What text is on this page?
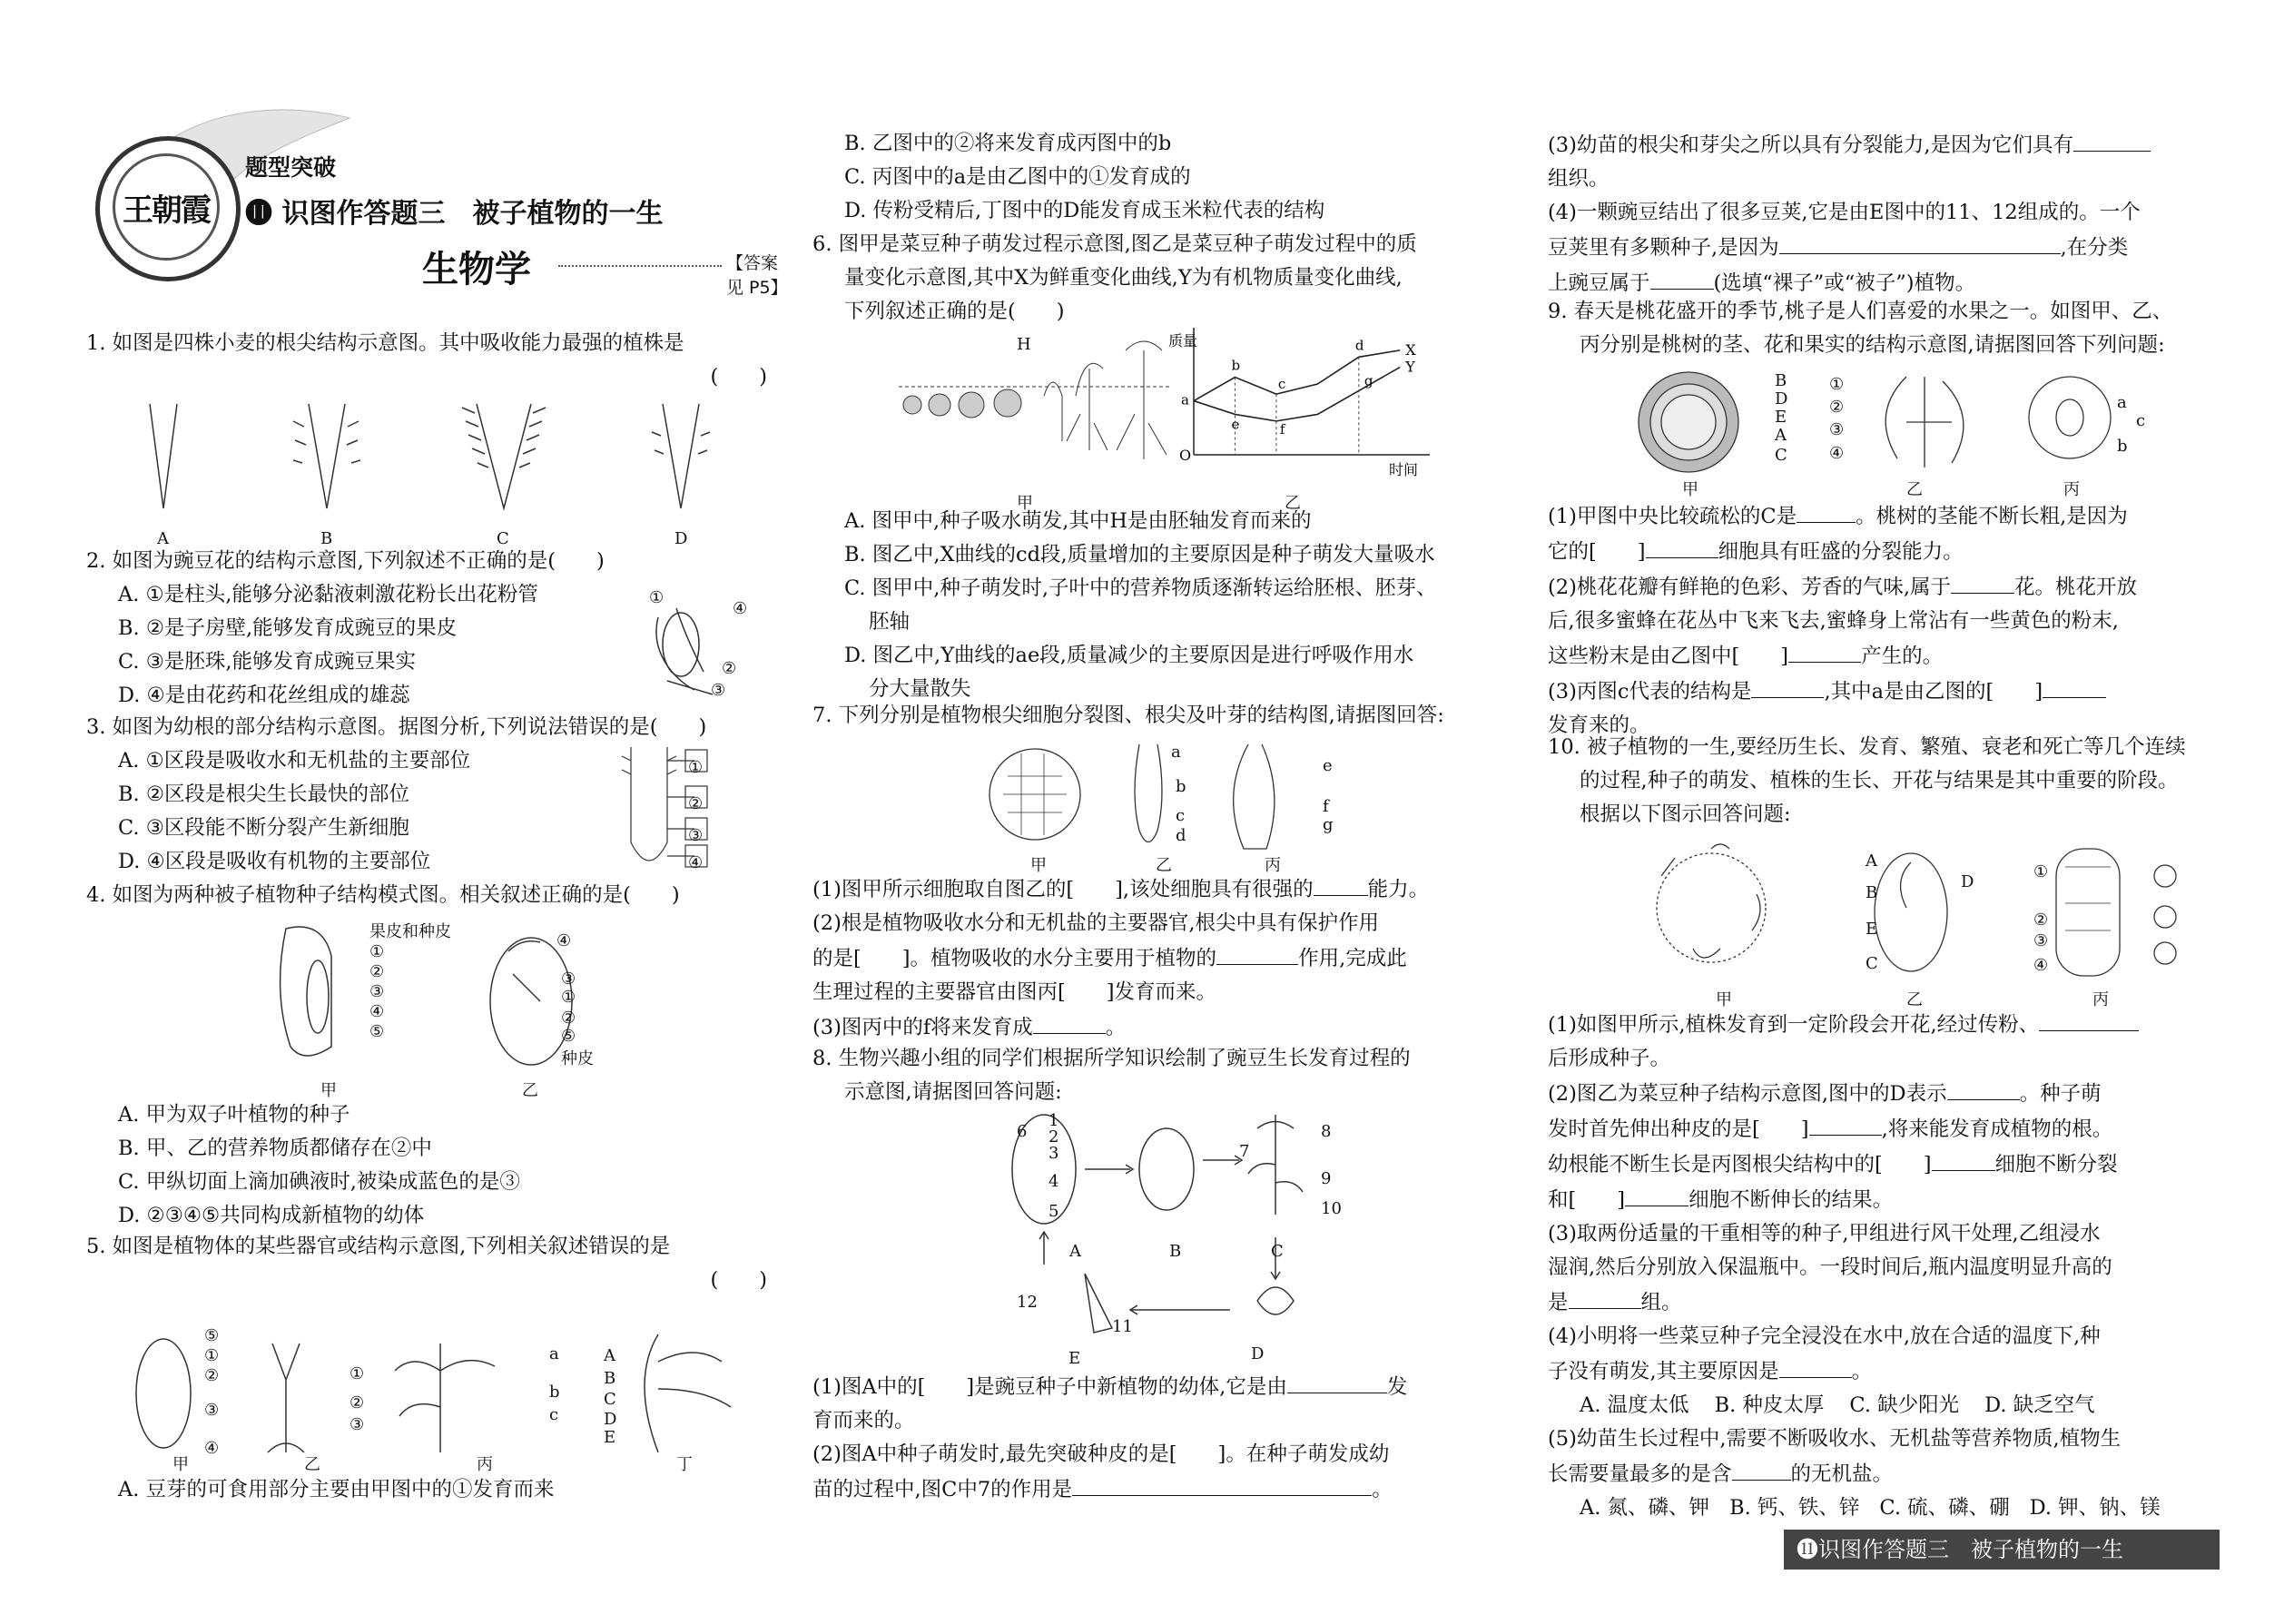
王朝霞
题型突破
⓫ 识图作答题三　被子植物的一生
生物学	【答案见 P5】

1. 如图是四株小麦的根尖结构示意图。其中吸收能力最强的植株是

(　　)

A	B	C	D

2. 如图为豌豆花的结构示意图,下列叙述不正确的是(　　)

A. ①是柱头,能够分泌黏液刺激花粉长出花粉管

B. ②是子房壁,能够发育成豌豆的果皮

C. ③是胚珠,能够发育成豌豆果实

D. ④是由花药和花丝组成的雄蕊

①
④
②
③

3. 如图为幼根的部分结构示意图。据图分析,下列说法错误的是(　　)

A. ①区段是吸收水和无机盐的主要部位

B. ②区段是根尖生长最快的部位

C. ③区段能不断分裂产生新细胞

D. ④区段是吸收有机物的主要部位

①
②
③
④

4. 如图为两种被子植物种子结构模式图。相关叙述正确的是(　　)

果皮和种皮
①
②
③
④
⑤
④
③
①
②
⑤
种皮
甲	乙

A. 甲为双子叶植物的种子

B. 甲、乙的营养物质都储存在②中

C. 甲纵切面上滴加碘液时,被染成蓝色的是③

D. ②③④⑤共同构成新植物的幼体

5. 如图是植物体的某些器官或结构示意图,下列相关叙述错误的是

(　　)

⑤
①
②
③
④
①
②
③
a
b
c
A
B
C
D
E
甲	乙	丙	丁

A. 豆芽的可食用部分主要由甲图中的①发育而来

B. 乙图中的②将来发育成丙图中的b

C. 丙图中的a是由乙图中的①发育成的

D. 传粉受精后,丁图中的D能发育成玉米粒代表的结构

6. 图甲是菜豆种子萌发过程示意图,图乙是菜豆种子萌发过程中的质

量变化示意图,其中X为鲜重变化曲线,Y为有机物质量变化曲线,

下列叙述正确的是(　　)

H	质量
时间
O
X
Y
a
b
c
d
e	f
g
甲	乙

A. 图甲中,种子吸水萌发,其中H是由胚轴发育而来的

B. 图乙中,X曲线的cd段,质量增加的主要原因是种子萌发大量吸水

C. 图甲中,种子萌发时,子叶中的营养物质逐渐转运给胚根、胚芽、

胚轴

D. 图乙中,Y曲线的ae段,质量减少的主要原因是进行呼吸作用水

分大量散失

7. 下列分别是植物根尖细胞分裂图、根尖及叶芽的结构图,请据图回答:

a
b
c
d
e
f
g
甲	乙	丙

(1)图甲所示细胞取自图乙的[　　],该处细胞具有很强的	能力。

(2)根是植物吸收水分和无机盐的主要器官,根尖中具有保护作用

的是[　　]。植物吸收的水分主要用于植物的	作用,完成此

生理过程的主要器官由图丙[　　]发育而来。

(3)图丙中的f将来发育成	。

8. 生物兴趣小组的同学们根据所学知识绘制了豌豆生长发育过程的

示意图,请据图回答问题:

6
1
2
3
4
5
7
8
9
10
11
12
A	B	C
D
E

(1)图A中的[　　]是豌豆种子中新植物的幼体,它是由	发

育而来的。

(2)图A中种子萌发时,最先突破种皮的是[　　]。在种子萌发成幼

苗的过程中,图C中7的作用是	。

(3)幼苗的根尖和芽尖之所以具有分裂能力,是因为它们具有

组织。

(4)一颗豌豆结出了很多豆荚,它是由E图中的11、12组成的。一个

豆荚里有多颗种子,是因为	,在分类

上豌豆属于	(选填“裸子”或“被子”)植物。

9. 春天是桃花盛开的季节,桃子是人们喜爱的水果之一。如图甲、乙、

丙分别是桃树的茎、花和果实的结构示意图,请据图回答下列问题:

B
D
E
A
C
①
②
③
④
a
b
c
甲	乙	丙

(1)甲图中央比较疏松的C是	。桃树的茎能不断长粗,是因为

它的[　　]	细胞具有旺盛的分裂能力。

(2)桃花花瓣有鲜艳的色彩、芳香的气味,属于	花。桃花开放

后,很多蜜蜂在花丛中飞来飞去,蜜蜂身上常沾有一些黄色的粉末,

这些粉末是由乙图中[　　]	产生的。

(3)丙图c代表的结构是	,其中a是由乙图的[　　]

发育来的。

10. 被子植物的一生,要经历生长、发育、繁殖、衰老和死亡等几个连续

的过程,种子的萌发、植株的生长、开花与结果是其中重要的阶段。

根据以下图示回答问题:

A
B
D
E
C
①
②
③
④
甲	乙	丙

(1)如图甲所示,植株发育到一定阶段会开花,经过传粉、

后形成种子。

(2)图乙为菜豆种子结构示意图,图中的D表示	。种子萌

发时首先伸出种皮的是[　　]	,将来能发育成植物的根。

幼根能不断生长是丙图根尖结构中的[　　]	细胞不断分裂

和[　　]	细胞不断伸长的结果。

(3)取两份适量的干重相等的种子,甲组进行风干处理,乙组浸水

湿润,然后分别放入保温瓶中。一段时间后,瓶内温度明显升高的

是	组。

(4)小明将一些菜豆种子完全浸没在水中,放在合适的温度下,种

子没有萌发,其主要原因是	。

A. 温度太低 B. 种皮太厚 C. 缺少阳光 D. 缺乏空气

(5)幼苗生长过程中,需要不断吸收水、无机盐等营养物质,植物生

长需要量最多的是含	的无机盐。

A. 氮、磷、钾 B. 钙、铁、锌 C. 硫、磷、硼 D. 钾、钠、镁

⓫识图作答题三　被子植物的一生
